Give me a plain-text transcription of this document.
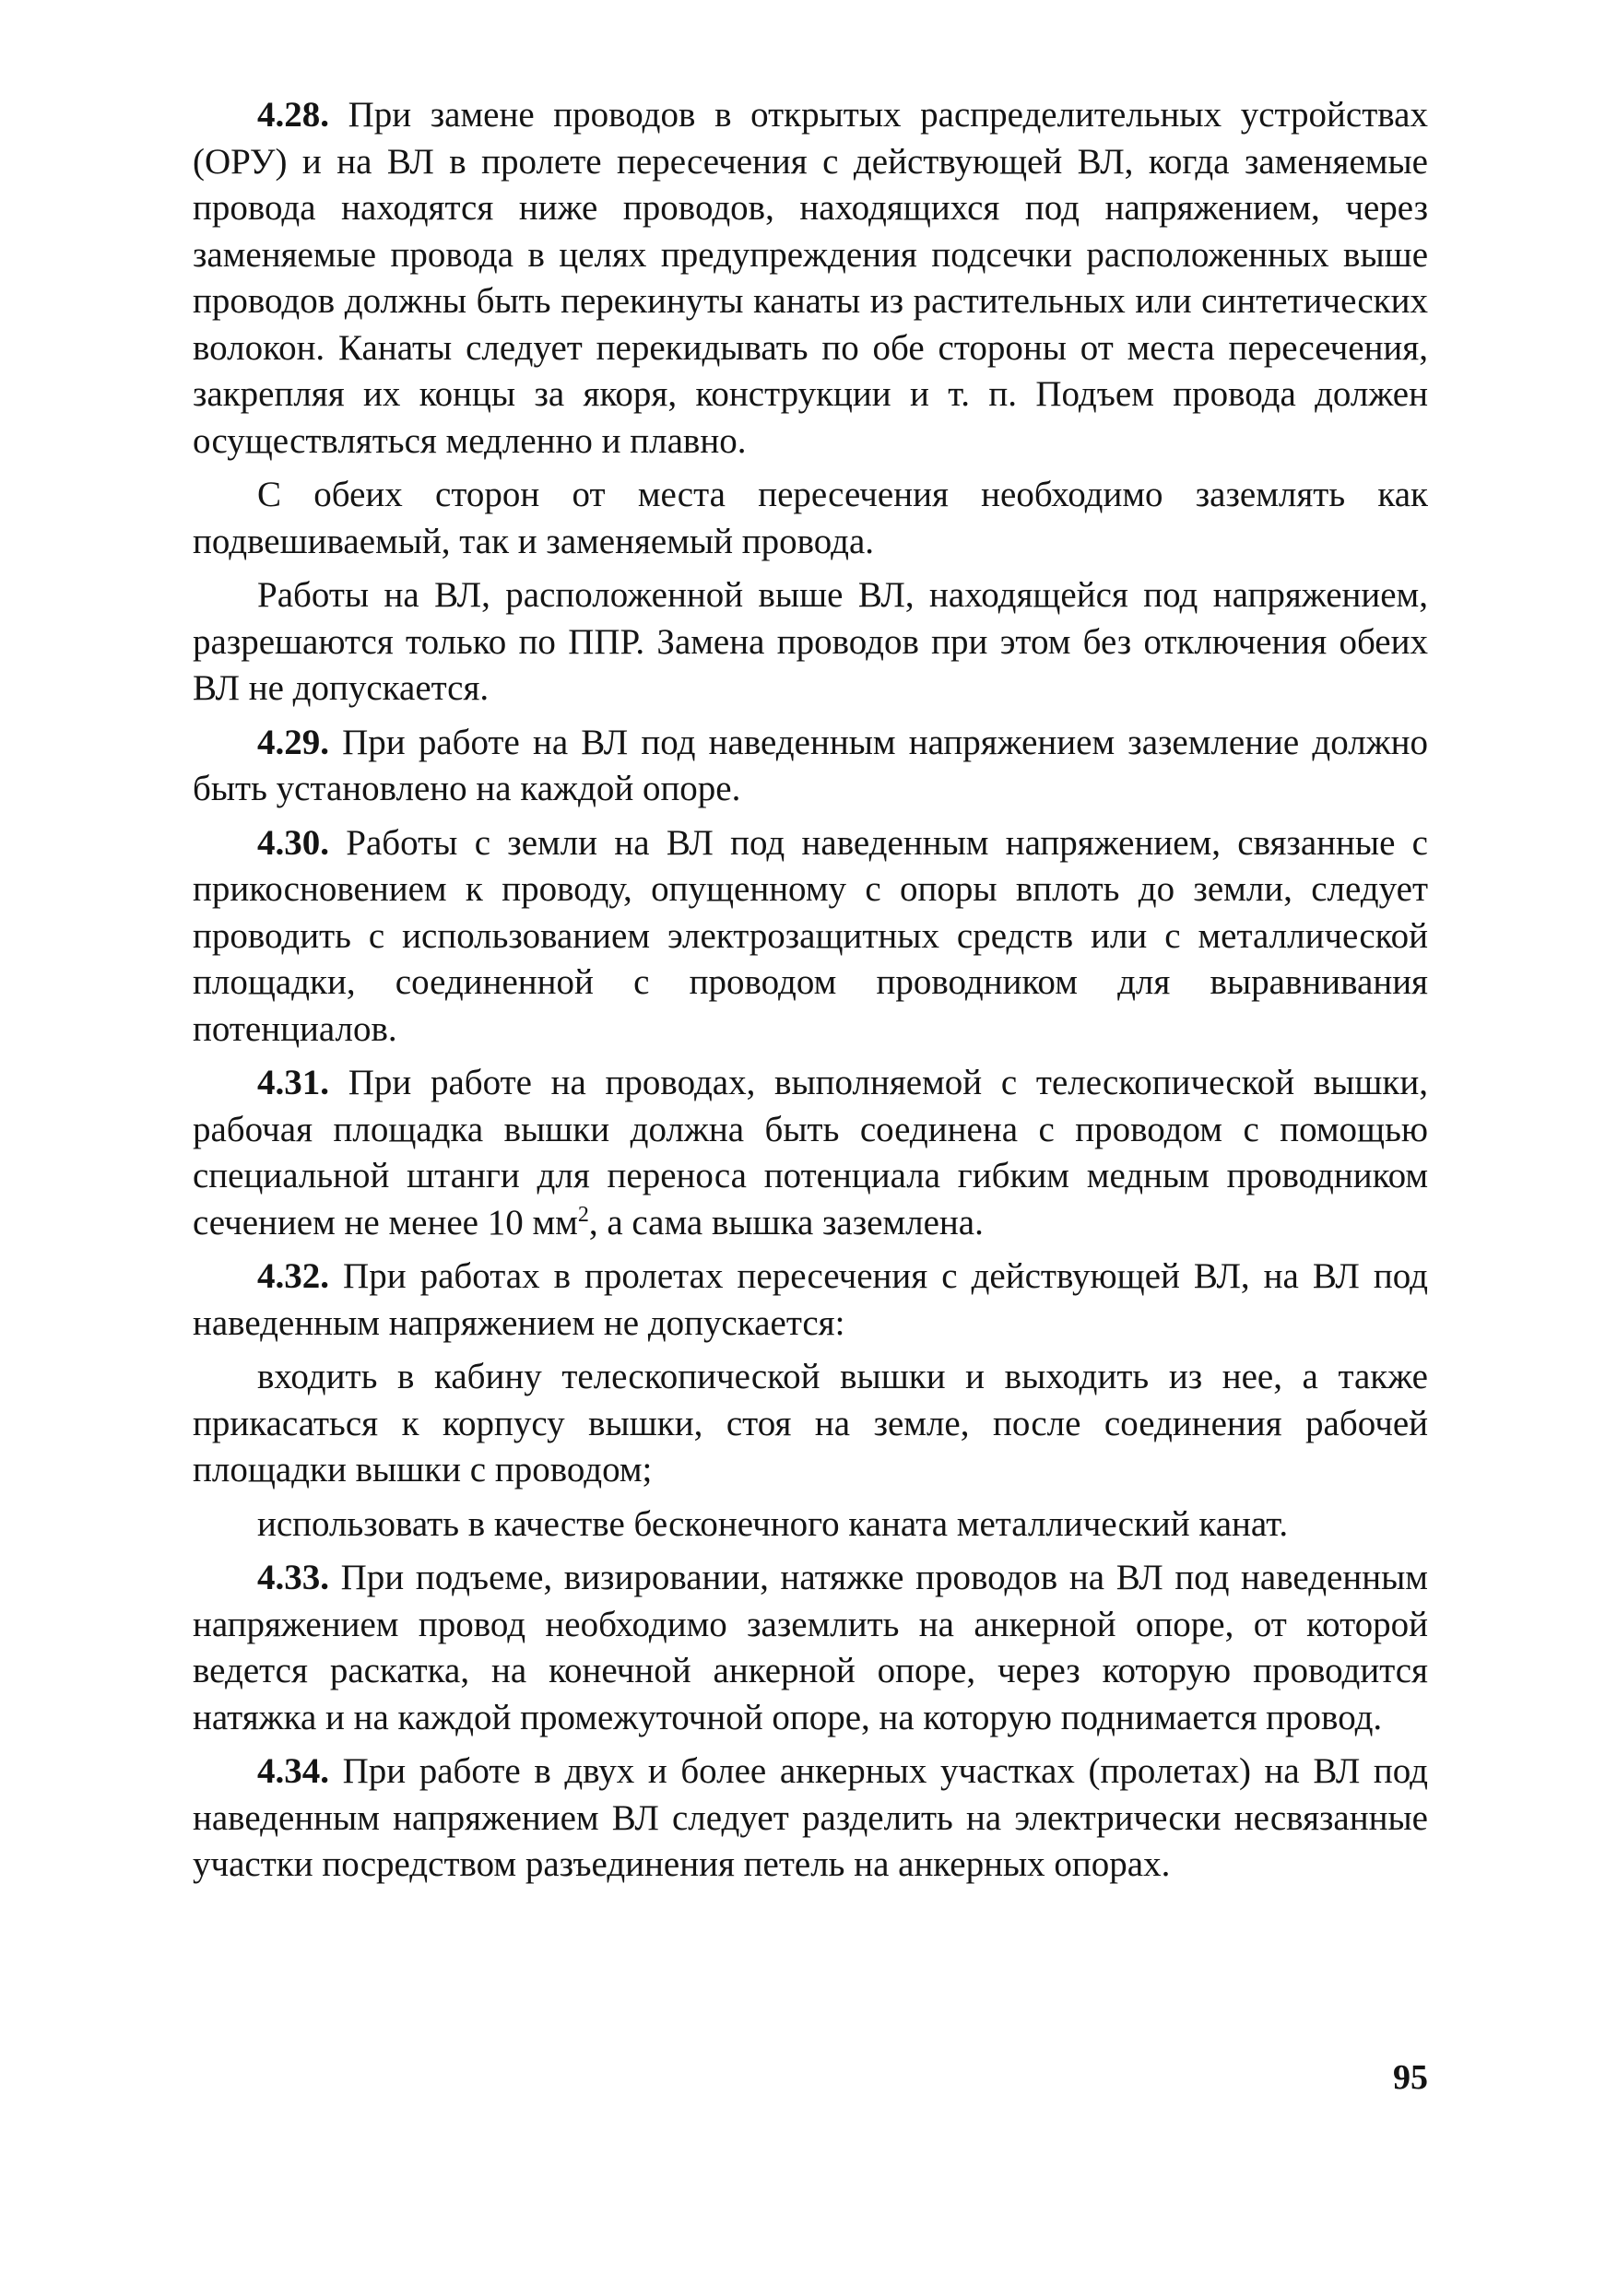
4.28. При замене проводов в открытых распределительных устройствах (ОРУ) и на ВЛ в пролете пересечения с действующей ВЛ, когда заменяемые провода находятся ниже проводов, находящихся под напряжением, через заменяемые провода в целях предупреждения подсечки расположенных выше проводов должны быть перекинуты канаты из растительных или синтетических волокон. Канаты следует перекидывать по обе стороны от места пересечения, закрепляя их концы за якоря, конструкции и т. п. Подъем провода должен осуществляться медленно и плавно.

С обеих сторон от места пересечения необходимо заземлять как подвешиваемый, так и заменяемый провода.

Работы на ВЛ, расположенной выше ВЛ, находящейся под напряжением, разрешаются только по ППР. Замена проводов при этом без отключения обеих ВЛ не допускается.

4.29. При работе на ВЛ под наведенным напряжением заземление должно быть установлено на каждой опоре.

4.30. Работы с земли на ВЛ под наведенным напряжением, связанные с прикосновением к проводу, опущенному с опоры вплоть до земли, следует проводить с использованием электрозащитных средств или с металлической площадки, соединенной с проводом проводником для выравнивания потенциалов.

4.31. При работе на проводах, выполняемой с телескопической вышки, рабочая площадка вышки должна быть соединена с проводом с помощью специальной штанги для переноса потенциала гибким медным проводником сечением не менее 10 $мм^2$, а сама вышка заземлена.

4.32. При работах в пролетах пересечения с действующей ВЛ, на ВЛ под наведенным напряжением не допускается:

входить в кабину телескопической вышки и выходить из нее, а также прикасаться к корпусу вышки, стоя на земле, после соединения рабочей площадки вышки с проводом;

использовать в качестве бесконечного каната металлический канат.

4.33. При подъеме, визировании, натяжке проводов на ВЛ под наведенным напряжением провод необходимо заземлить на анкерной опоре, от которой ведется раскатка, на конечной анкерной опоре, через которую проводится натяжка и на каждой промежуточной опоре, на которую поднимается провод.

4.34. При работе в двух и более анкерных участках (пролетах) на ВЛ под наведенным напряжением ВЛ следует разделить на электрически несвязанные участки посредством разъединения петель на анкерных опорах.

95
